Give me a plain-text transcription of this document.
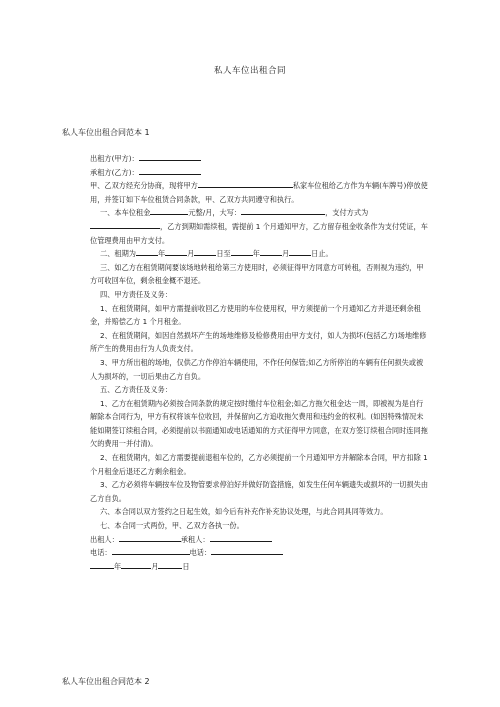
私人车位出租合同
私人车位出租合同范本 1

出租方(甲方)：

承租方(乙方)：

甲、乙双方经充分协商，现将甲方	私家车位租给乙方作为车辆(车牌号)停放使用，并签订如下车位租赁合同条款，甲、乙双方共同遵守和执行。

一、本车位租金	元整/月，大写：	，支付方式为，乙方到期如需续租，需提前 1 个月通知甲方，乙方留存租金收条作为支付凭证，车位管理费用由甲方支付。

二、租期为	年	月	日至	年	月	日止。

三、如乙方在租赁期间要该场地转租给第三方使用时，必须征得甲方同意方可转租，否则视为违约，甲方可收回车位，剩余租金概不退还。

四、甲方责任及义务：

1、在租赁期间，如甲方需提前收回乙方使用的车位使用权，甲方须提前一个月通知乙方并退还剩余租金，并赔偿乙方 1 个月租金。

2、在租赁期间，如因自然损坏产生的场地维修及检修费用由甲方支付，如人为损坏(包括乙方)场地维修所产生的费用由行为人负责支付。

3、甲方所出租的场地，仅供乙方作停泊车辆使用，不作任何保管;如乙方所停泊的车辆有任何损失或被人为损坏的，一切后果由乙方自负。

五、乙方责任及义务：

1、乙方在租赁期内必须按合同条款的规定按时缴付车位租金;如乙方拖欠租金达一周，即被视为是自行解除本合同行为，甲方有权将该车位收回，并保留向乙方追收拖欠费用和违约金的权利。(如因特殊情况未能如期签订续租合同，必须提前以书面通知或电话通知的方式征得甲方同意，在双方签订续租合同时连同拖欠的费用一并付清)。

2、在租赁期内，如乙方需要提前退租车位的，乙方必须提前一个月通知甲方并解除本合同，甲方扣除 1 个月租金后退还乙方剩余租金。

3、乙方必须将车辆按车位及物管要求停泊好并做好防盗措施，如发生任何车辆遗失或损坏的一切损失由乙方自负。

六、本合同以双方签约之日起生效，如今后有补充作补充协议处理，与此合同具同等效力。

七、本合同一式两份，甲、乙双方各执一份。

出租人：	承租人：

电话：	电话：

年	月	日

私人车位出租合同范本 2
